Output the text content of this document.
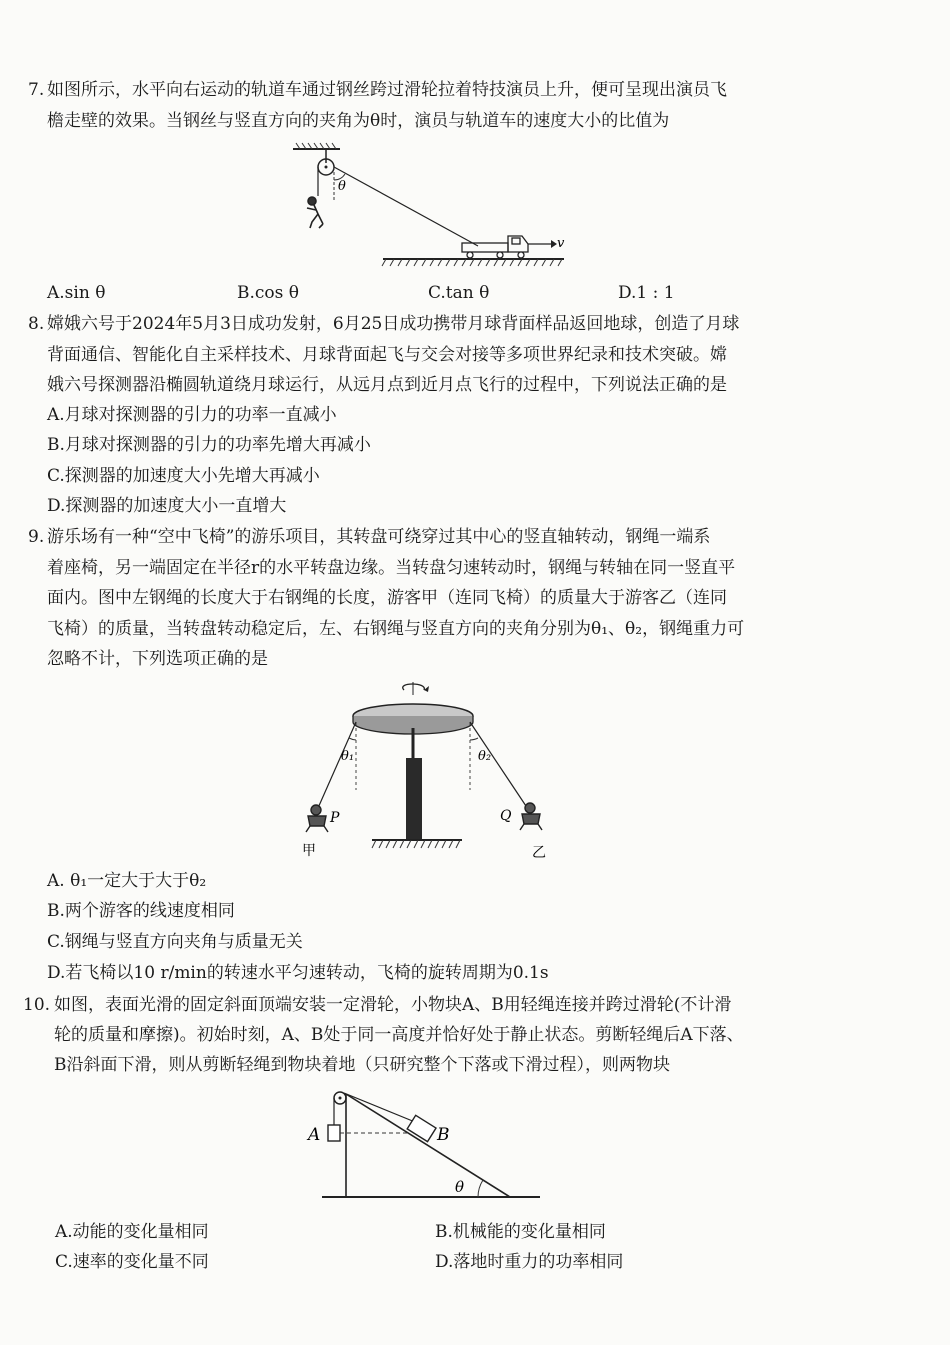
7. 如图所示，水平向右运动的轨道车通过钢丝跨过滑轮拉着特技演员上升，便可呈现出演员飞
檐走壁的效果。当钢丝与竖直方向的夹角为θ时，演员与轨道车的速度大小的比值为
θ
v
A.sin θ	B.cos θ	C.tan θ	D.1 : 1
8. 嫦娥六号于2024年5月3日成功发射，6月25日成功携带月球背面样品返回地球，创造了月球
背面通信、智能化自主采样技术、月球背面起飞与交会对接等多项世界纪录和技术突破。嫦
娥六号探测器沿椭圆轨道绕月球运行，从远月点到近月点飞行的过程中，下列说法正确的是
A.月球对探测器的引力的功率一直减小
B.月球对探测器的引力的功率先增大再减小
C.探测器的加速度大小先增大再减小
D.探测器的加速度大小一直增大
9. 游乐场有一种“空中飞椅”的游乐项目，其转盘可绕穿过其中心的竖直轴转动，钢绳一端系
着座椅，另一端固定在半径r的水平转盘边缘。当转盘匀速转动时，钢绳与转轴在同一竖直平
面内。图中左钢绳的长度大于右钢绳的长度，游客甲（连同飞椅）的质量大于游客乙（连同
飞椅）的质量，当转盘转动稳定后，左、右钢绳与竖直方向的夹角分别为θ₁、θ₂，钢绳重力可
忽略不计，下列选项正确的是
θ₁	θ₂
P	Q
甲	乙
A. θ₁一定大于大于θ₂
B.两个游客的线速度相同
C.钢绳与竖直方向夹角与质量无关
D.若飞椅以10 r/min的转速水平匀速转动，飞椅的旋转周期为0.1s
10. 如图，表面光滑的固定斜面顶端安装一定滑轮，小物块A、B用轻绳连接并跨过滑轮(不计滑
轮的质量和摩擦)。初始时刻，A、B处于同一高度并恰好处于静止状态。剪断轻绳后A下落、
B沿斜面下滑，则从剪断轻绳到物块着地（只研究整个下落或下滑过程），则两物块
A	B
θ
A.动能的变化量相同	B.机械能的变化量相同
C.速率的变化量不同	D.落地时重力的功率相同
